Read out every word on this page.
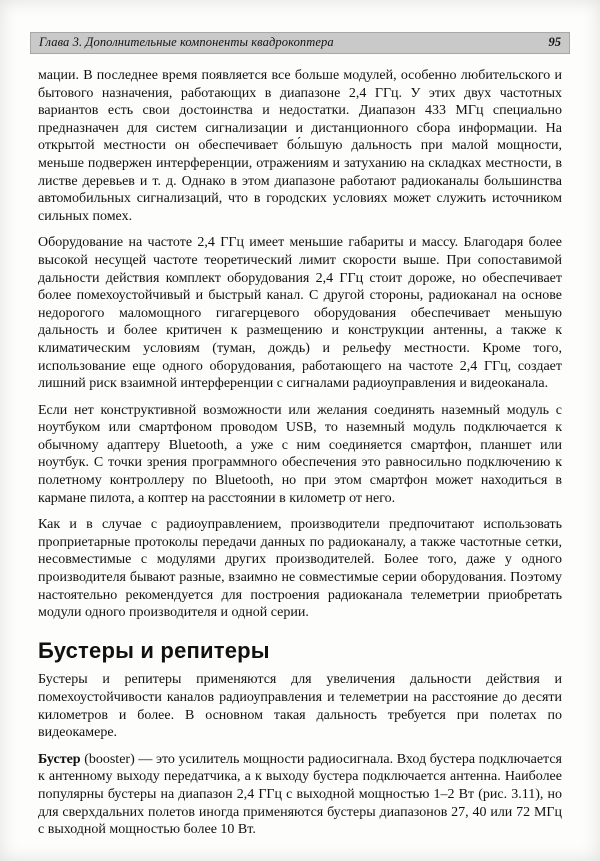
Глава 3. Дополнительные компоненты квадрокоптера	95

мации. В последнее время появляется все больше модулей, особенно любительского и бытового назначения, работающих в диапазоне 2,4 ГГц. У этих двух частотных вариантов есть свои достоинства и недостатки. Диапазон 433 МГц специально предназначен для систем сигнализации и дистанционного сбора информации. На открытой местности он обеспечивает бо́льшую дальность при малой мощности, меньше подвержен интерференции, отражениям и затуханию на складках местности, в листве деревьев и т. д. Однако в этом диапазоне работают радиоканалы большинства автомобильных сигнализаций, что в городских условиях может служить источником сильных помех.

Оборудование на частоте 2,4 ГГц имеет меньшие габариты и массу. Благодаря более высокой несущей частоте теоретический лимит скорости выше. При сопоставимой дальности действия комплект оборудования 2,4 ГГц стоит дороже, но обеспечивает более помехоустойчивый и быстрый канал. С другой стороны, радиоканал на основе недорогого маломощного гигагерцевого оборудования обеспечивает меньшую дальность и более критичен к размещению и конструкции антенны, а также к климатическим условиям (туман, дождь) и рельефу местности. Кроме того, использование еще одного оборудования, работающего на частоте 2,4 ГГц, создает лишний риск взаимной интерференции с сигналами радиоуправления и видеоканала.

Если нет конструктивной возможности или желания соединять наземный модуль с ноутбуком или смартфоном проводом USB, то наземный модуль подключается к обычному адаптеру Bluetooth, а уже с ним соединяется смартфон, планшет или ноутбук. С точки зрения программного обеспечения это равносильно подключению к полетному контроллеру по Bluetooth, но при этом смартфон может находиться в кармане пилота, а коптер на расстоянии в километр от него.

Как и в случае с радиоуправлением, производители предпочитают использовать проприетарные протоколы передачи данных по радиоканалу, а также частотные сетки, несовместимые с модулями других производителей. Более того, даже у одного производителя бывают разные, взаимно не совместимые серии оборудования. Поэтому настоятельно рекомендуется для построения радиоканала телеметрии приобретать модули одного производителя и одной серии.

Бустеры и репитеры

Бустеры и репитеры применяются для увеличения дальности действия и помехоустойчивости каналов радиоуправления и телеметрии на расстояние до десяти километров и более. В основном такая дальность требуется при полетах по видеокамере.

Бустер (booster) — это усилитель мощности радиосигнала. Вход бустера подключается к антенному выходу передатчика, а к выходу бустера подключается антенна. Наиболее популярны бустеры на диапазон 2,4 ГГц с выходной мощностью 1–2 Вт (рис. 3.11), но для сверхдальних полетов иногда применяются бустеры диапазонов 27, 40 или 72 МГц с выходной мощностью более 10 Вт.
